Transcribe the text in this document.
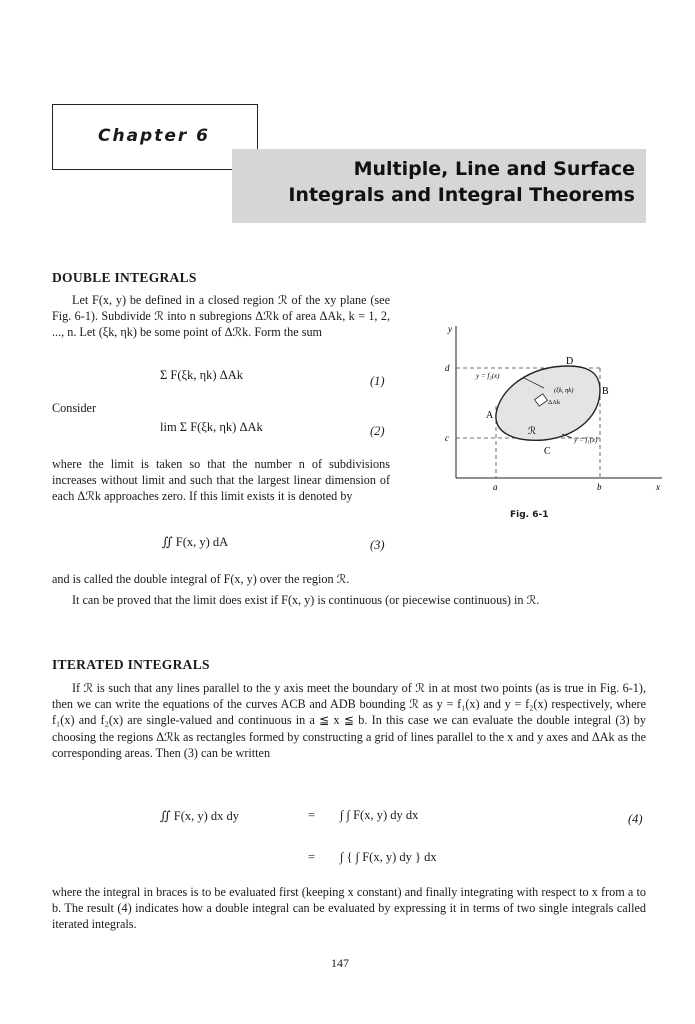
Chapter 6
Multiple, Line and Surface
Integrals and Integral Theorems
DOUBLE INTEGRALS

Let F(x, y) be defined in a closed region ℛ of the xy plane (see Fig. 6-1). Subdivide ℛ into n subregions Δℛk of area ΔAk, k = 1, 2, ..., n. Let (ξk, ηk) be some point of Δℛk. Form the sum

Σ F(ξk, ηk) ΔAk	(1)
Consider
lim Σ F(ξk, ηk) ΔAk	(2)
where the limit is taken so that the number n of subdivisions increases without limit and such that the largest linear dimension of each Δℛk approaches zero. If this limit exists it is denoted by
∬ F(x, y) dA	(3)
and is called the double integral of F(x, y) over the region ℛ.
It can be proved that the limit does exist if F(x, y) is continuous (or piecewise continuous) in ℛ.
y
x
d
c
a	b
A
B
C
D
ℛ
y = f₂(x)
y = f₁(x)
(ξk, ηk)
ΔAk
Fig. 6-1
ITERATED INTEGRALS
If ℛ is such that any lines parallel to the y axis meet the boundary of ℛ in at most two points (as is true in Fig. 6-1), then we can write the equations of the curves ACB and ADB bounding ℛ as y = f₁(x) and y = f₂(x) respectively, where f₁(x) and f₂(x) are single-valued and continuous in a ≦ x ≦ b. In this case we can evaluate the double integral (3) by choosing the regions Δℛk as rectangles formed by constructing a grid of lines parallel to the x and y axes and ΔAk as the corresponding areas. Then (3) can be written
∬ F(x, y) dx dy	= ∫ ∫ F(x, y) dy dx	(4)
= ∫ { ∫ F(x, y) dy } dx
where the integral in braces is to be evaluated first (keeping x constant) and finally integrating with respect to x from a to b. The result (4) indicates how a double integral can be evaluated by expressing it in terms of two single integrals called iterated integrals.
147
